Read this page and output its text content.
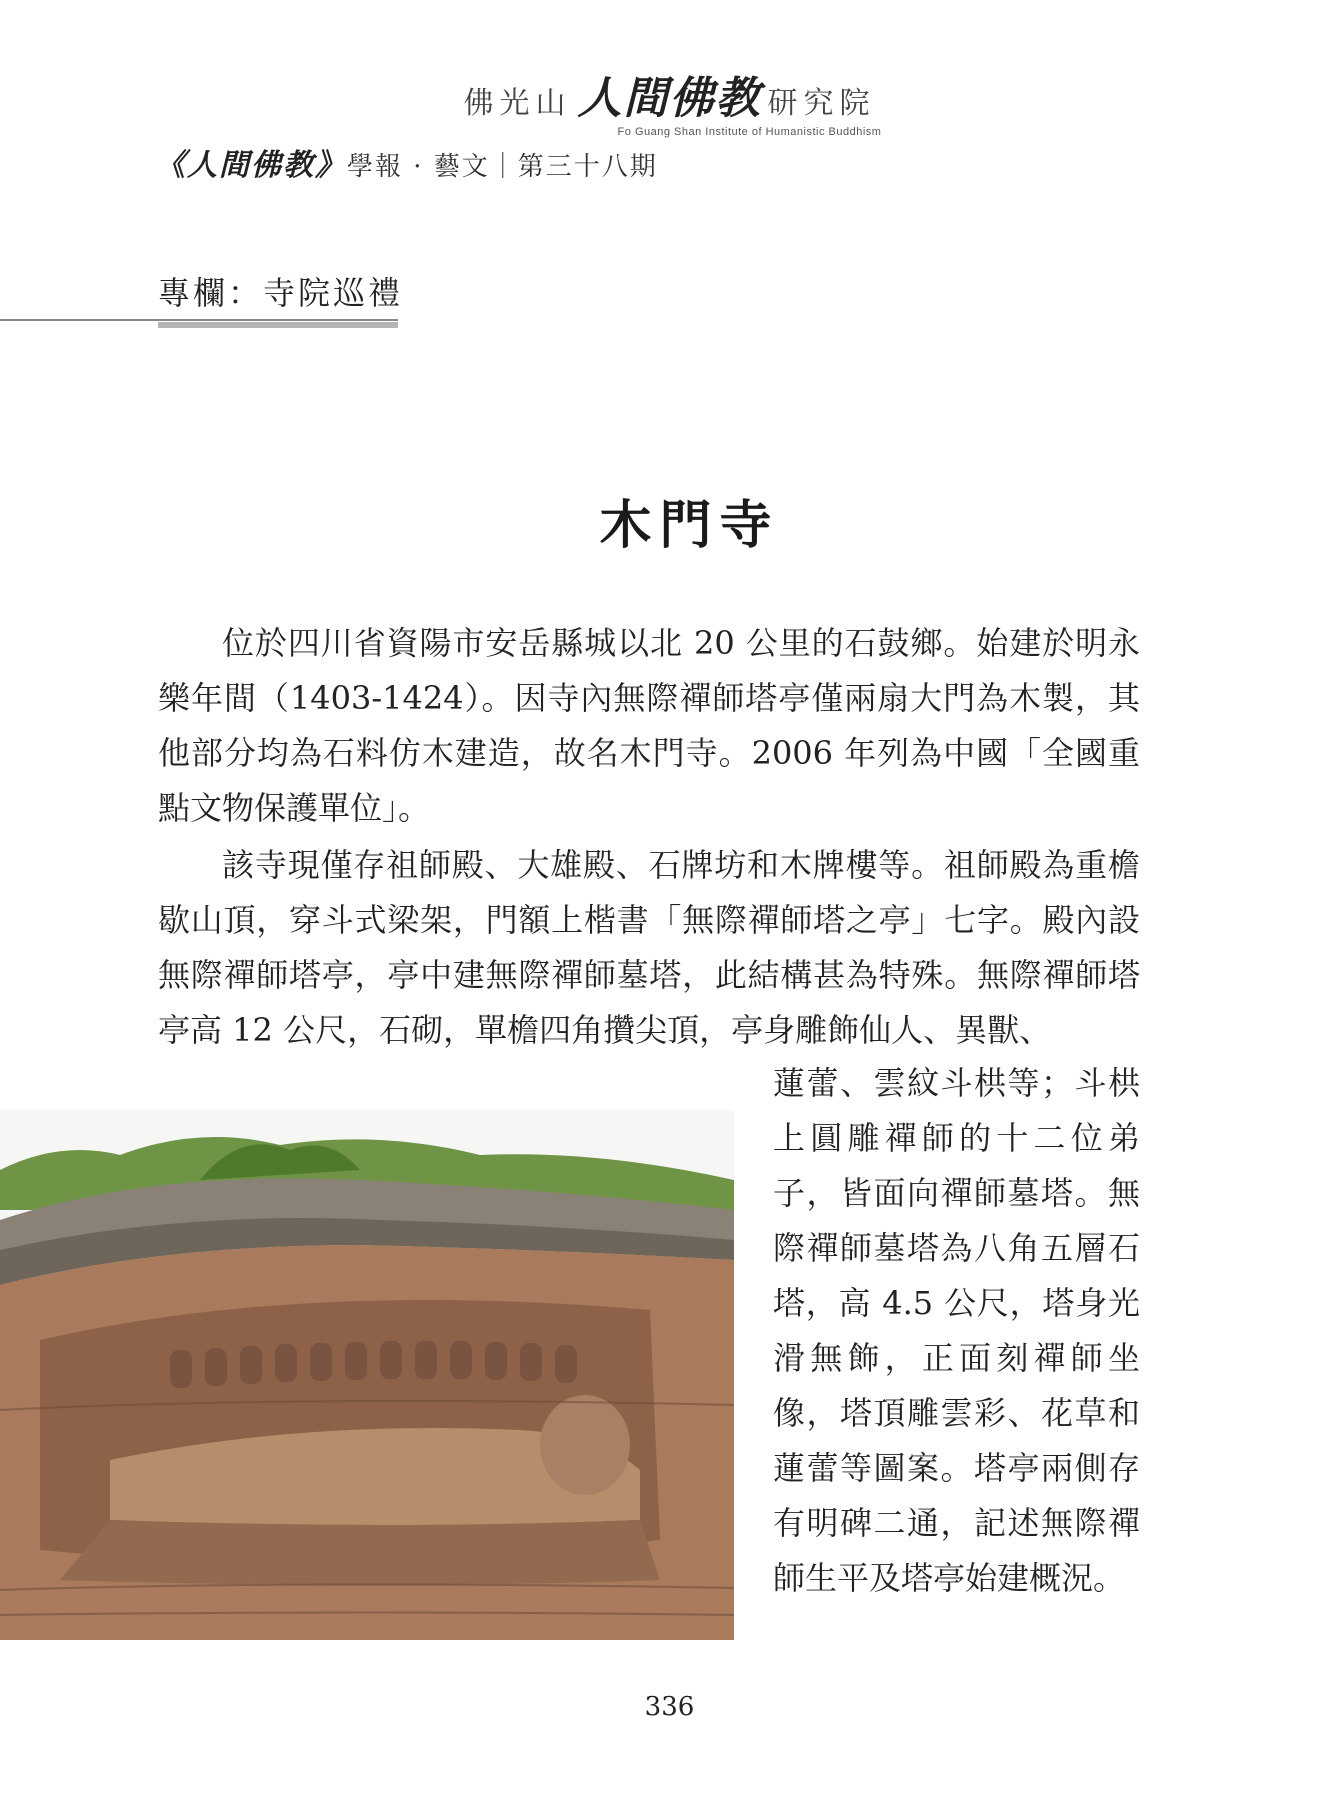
佛光山 人間佛教 研究院
Fo Guang Shan Institute of Humanistic Buddhism
《人間佛教》學報 · 藝文｜第三十八期
專欄：寺院巡禮
木門寺

位於四川省資陽市安岳縣城以北 20 公里的石鼓鄉。始建於明永樂年間（1403-1424）。因寺內無際禪師塔亭僅兩扇大門為木製，其他部分均為石料仿木建造，故名木門寺。2006 年列為中國「全國重點文物保護單位」。

該寺現僅存祖師殿、大雄殿、石牌坊和木牌樓等。祖師殿為重檐歇山頂，穿斗式梁架，門額上楷書「無際禪師塔之亭」七字。殿內設無際禪師塔亭，亭中建無際禪師墓塔，此結構甚為特殊。無際禪師塔亭高 12 公尺，石砌，單檐四角攢尖頂，亭身雕飾仙人、異獸、

蓮蕾、雲紋斗栱等；斗栱上圓雕禪師的十二位弟子，皆面向禪師墓塔。無際禪師墓塔為八角五層石塔，高 4.5 公尺，塔身光滑無飾，正面刻禪師坐像，塔頂雕雲彩、花草和蓮蕾等圖案。塔亭兩側存有明碑二通，記述無際禪師生平及塔亭始建概況。

336
